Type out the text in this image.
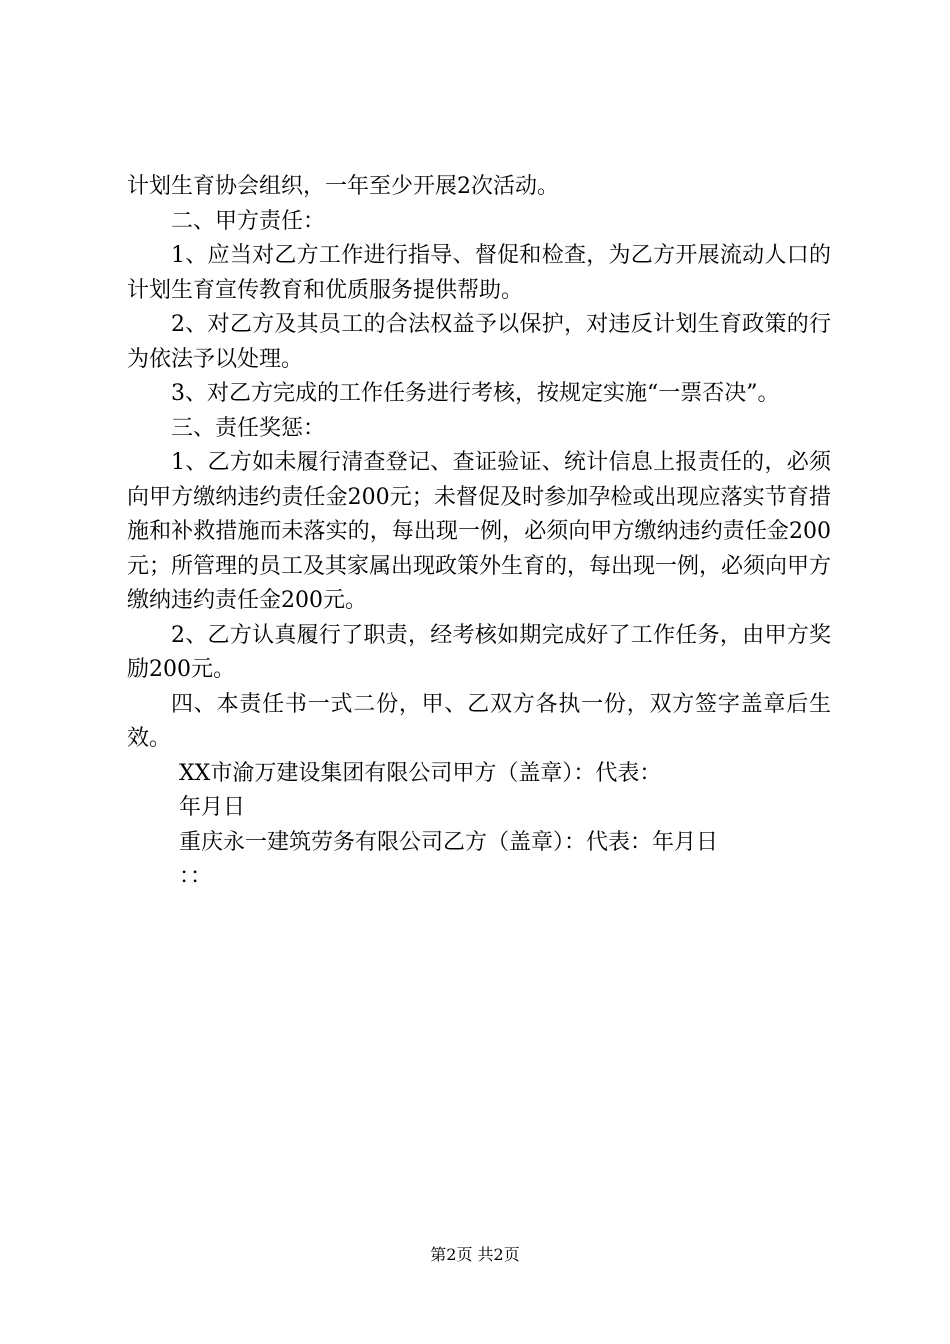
计划生育协会组织，一年至少开展2次活动。

二、甲方责任：

1、应当对乙方工作进行指导、督促和检查，为乙方开展流动人口的计划生育宣传教育和优质服务提供帮助。

2、对乙方及其员工的合法权益予以保护，对违反计划生育政策的行为依法予以处理。

3、对乙方完成的工作任务进行考核，按规定实施“一票否决”。

三、责任奖惩：

1、乙方如未履行清查登记、查证验证、统计信息上报责任的，必须向甲方缴纳违约责任金200元；未督促及时参加孕检或出现应落实节育措施和补救措施而未落实的，每出现一例，必须向甲方缴纳违约责任金200元；所管理的员工及其家属出现政策外生育的，每出现一例，必须向甲方缴纳违约责任金200元。

2、乙方认真履行了职责，经考核如期完成好了工作任务，由甲方奖励200元。

四、本责任书一式二份，甲、乙双方各执一份，双方签字盖章后生效。

XX市渝万建设集团有限公司甲方（盖章）：代表：

年月日

重庆永一建筑劳务有限公司乙方（盖章）：代表：年月日

：：

第2页 共2页
